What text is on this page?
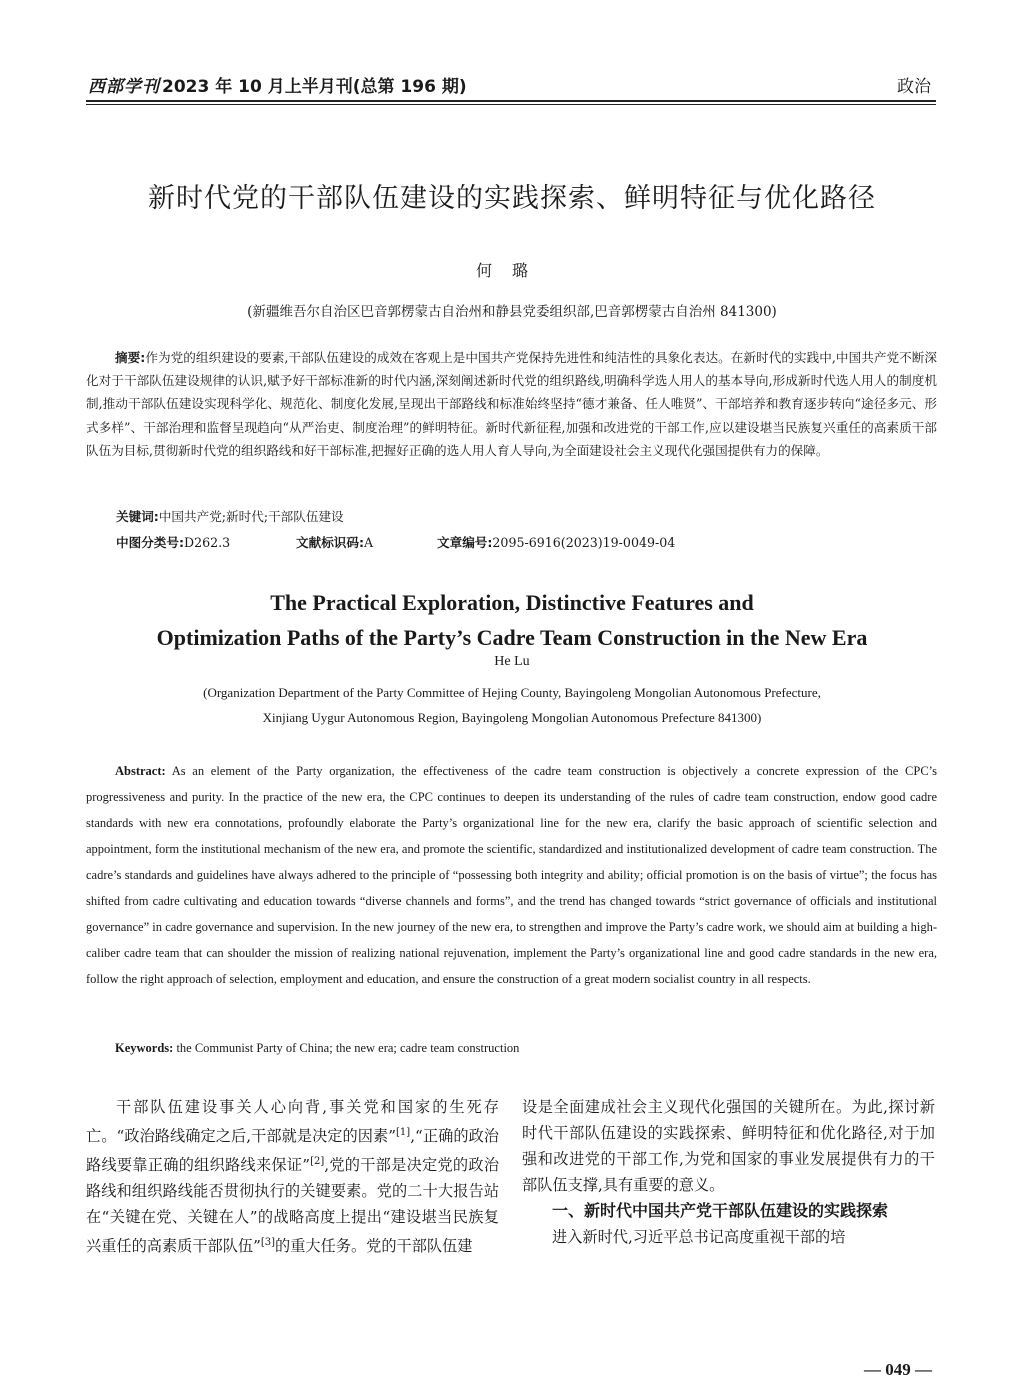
西部学刊 2023 年 10 月上半月刊(总第 196 期)	政治
新时代党的干部队伍建设的实践探索、鲜明特征与优化路径
何璐
(新疆维吾尔自治区巴音郭楞蒙古自治州和静县党委组织部,巴音郭楞蒙古自治州 841300)
摘要:作为党的组织建设的要素,干部队伍建设的成效在客观上是中国共产党保持先进性和纯洁性的具象化表达。在新时代的实践中,中国共产党不断深化对于干部队伍建设规律的认识,赋予好干部标准新的时代内涵,深刻阐述新时代党的组织路线,明确科学选人用人的基本导向,形成新时代选人用人的制度机制,推动干部队伍建设实现科学化、规范化、制度化发展,呈现出干部路线和标准始终坚持“德才兼备、任人唯贤”、干部培养和教育逐步转向“途径多元、形式多样”、干部治理和监督呈现趋向“从严治吏、制度治理”的鲜明特征。新时代新征程,加强和改进党的干部工作,应以建设堪当民族复兴重任的高素质干部队伍为目标,贯彻新时代党的组织路线和好干部标准,把握好正确的选人用人育人导向,为全面建设社会主义现代化强国提供有力的保障。
关键词:中国共产党;新时代;干部队伍建设
中图分类号:D262.3	文献标识码:A	文章编号:2095-6916(2023)19-0049-04
The Practical Exploration, Distinctive Features and
Optimization Paths of the Party’s Cadre Team Construction in the New Era
He Lu
(Organization Department of the Party Committee of Hejing County, Bayingoleng Mongolian Autonomous Prefecture,
Xinjiang Uygur Autonomous Region, Bayingoleng Mongolian Autonomous Prefecture 841300)
Abstract: As an element of the Party organization, the effectiveness of the cadre team construction is objectively a concrete expression of the CPC’s progressiveness and purity. In the practice of the new era, the CPC continues to deepen its understanding of the rules of cadre team construction, endow good cadre standards with new era connotations, profoundly elaborate the Party’s organizational line for the new era, clarify the basic approach of scientific selection and appointment, form the institutional mechanism of the new era, and promote the scientific, standardized and institutionalized development of cadre team construction. The cadre’s standards and guidelines have always adhered to the principle of “possessing both integrity and ability; official promotion is on the basis of virtue”; the focus has shifted from cadre cultivating and education towards “diverse channels and forms”, and the trend has changed towards “strict governance of officials and institutional governance” in cadre governance and supervision. In the new journey of the new era, to strengthen and improve the Party’s cadre work, we should aim at building a high-caliber cadre team that can shoulder the mission of realizing national rejuvenation, implement the Party’s organizational line and good cadre standards in the new era, follow the right approach of selection, employment and education, and ensure the construction of a great modern socialist country in all respects.
Keywords: the Communist Party of China; the new era; cadre team construction

干部队伍建设事关人心向背,事关党和国家的生死存亡。“政治路线确定之后,干部就是决定的因素”[1],“正确的政治路线要靠正确的组织路线来保证”[2],党的干部是决定党的政治路线和组织路线能否贯彻执行的关键要素。党的二十大报告站在“关键在党、关键在人”的战略高度上提出“建设堪当民族复兴重任的高素质干部队伍”[3]的重大任务。党的干部队伍建

设是全面建成社会主义现代化强国的关键所在。为此,探讨新时代干部队伍建设的实践探索、鲜明特征和优化路径,对于加强和改进党的干部工作,为党和国家的事业发展提供有力的干部队伍支撑,具有重要的意义。

一、新时代中国共产党干部队伍建设的实践探索

进入新时代,习近平总书记高度重视干部的培

— 049 —
